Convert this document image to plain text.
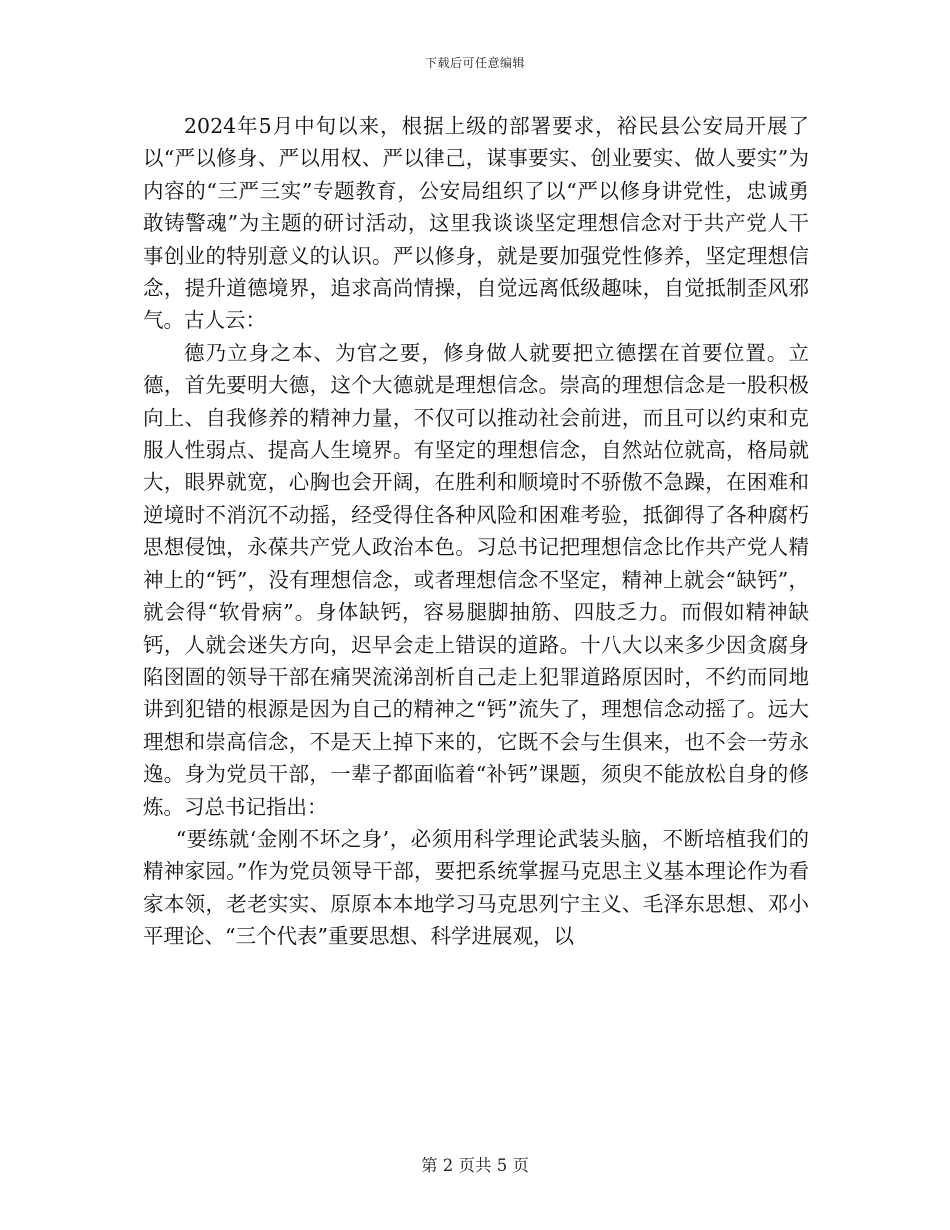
下载后可任意编辑

2024年5月中旬以来，根据上级的部署要求，裕民县公安局开展了以“严以修身、严以用权、严以律己，谋事要实、创业要实、做人要实”为内容的“三严三实”专题教育，公安局组织了以“严以修身讲党性，忠诚勇敢铸警魂”为主题的研讨活动，这里我谈谈坚定理想信念对于共产党人干事创业的特别意义的认识。严以修身，就是要加强党性修养，坚定理想信念，提升道德境界，追求高尚情操，自觉远离低级趣味，自觉抵制歪风邪气。古人云：

德乃立身之本、为官之要，修身做人就要把立德摆在首要位置。立德，首先要明大德，这个大德就是理想信念。崇高的理想信念是一股积极向上、自我修养的精神力量，不仅可以推动社会前进，而且可以约束和克服人性弱点、提高人生境界。有坚定的理想信念，自然站位就高，格局就大，眼界就宽，心胸也会开阔，在胜利和顺境时不骄傲不急躁，在困难和逆境时不消沉不动摇，经受得住各种风险和困难考验，抵御得了各种腐朽思想侵蚀，永葆共产党人政治本色。习总书记把理想信念比作共产党人精神上的“钙”，没有理想信念，或者理想信念不坚定，精神上就会“缺钙”，就会得“软骨病”。身体缺钙，容易腿脚抽筋、四肢乏力。而假如精神缺钙，人就会迷失方向，迟早会走上错误的道路。十八大以来多少因贪腐身陷囹圄的领导干部在痛哭流涕剖析自己走上犯罪道路原因时，不约而同地讲到犯错的根源是因为自己的精神之“钙”流失了，理想信念动摇了。远大理想和崇高信念，不是天上掉下来的，它既不会与生俱来，也不会一劳永逸。身为党员干部，一辈子都面临着“补钙”课题，须臾不能放松自身的修炼。习总书记指出：

“要练就‘金刚不坏之身’，必须用科学理论武装头脑，不断培植我们的精神家园。”作为党员领导干部，要把系统掌握马克思主义基本理论作为看家本领，老老实实、原原本本地学习马克思列宁主义、毛泽东思想、邓小平理论、“三个代表”重要思想、科学进展观，以

第 2 页共 5 页
